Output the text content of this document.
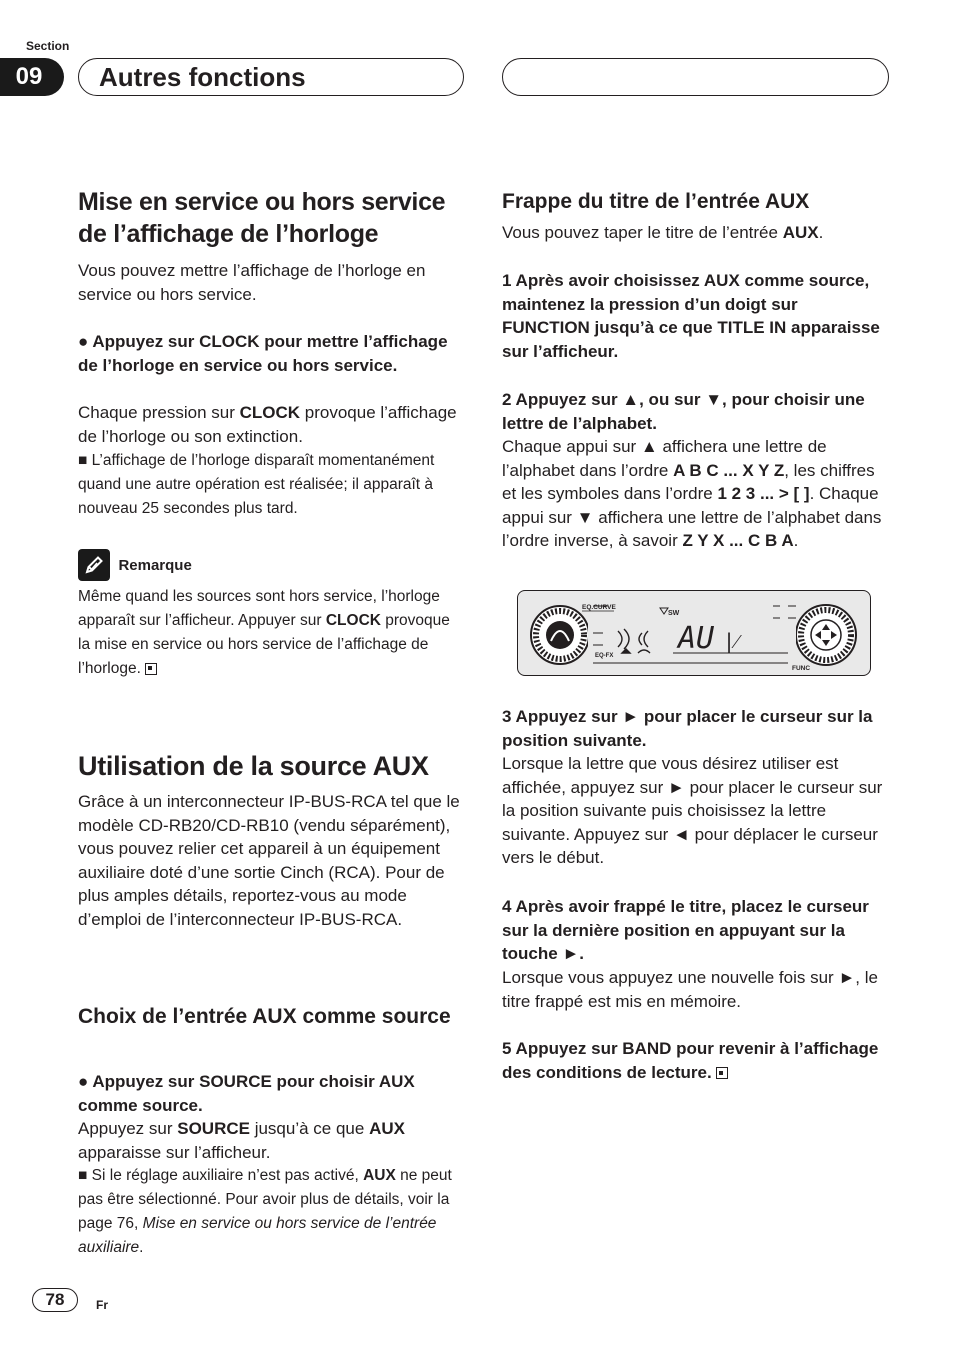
Section
09	Autres fonctions
Mise en service ou hors service
de l’affichage de l’horloge

Vous pouvez mettre l’affichage de l’horloge en service ou hors service.

● Appuyez sur CLOCK pour mettre l’affichage de l’horloge en service ou hors service.

Chaque pression sur CLOCK provoque l’affichage de l’horloge ou son extinction.

■ L’affichage de l’horloge disparaît momentanément quand une autre opération est réalisée; il apparaît à nouveau 25 secondes plus tard.

Remarque

Même quand les sources sont hors service, l’horloge apparaît sur l’afficheur. Appuyer sur CLOCK provoque la mise en service ou hors service de l’affichage de l’horloge.

Utilisation de la source AUX

Grâce à un interconnecteur IP-BUS-RCA tel que le modèle CD-RB20/CD-RB10 (vendu séparément), vous pouvez relier cet appareil à un équipement auxiliaire doté d’une sortie Cinch (RCA). Pour de plus amples détails, reportez-vous au mode d’emploi de l’interconnecteur IP-BUS-RCA.

Choix de l’entrée AUX comme source

● Appuyez sur SOURCE pour choisir AUX comme source.

Appuyez sur SOURCE jusqu’à ce que AUX apparaisse sur l’afficheur.

■ Si le réglage auxiliaire n’est pas activé, AUX ne peut pas être sélectionné. Pour avoir plus de détails, voir la page 76, Mise en service ou hors service de l’entrée auxiliaire.

Frappe du titre de l’entrée AUX

Vous pouvez taper le titre de l’entrée AUX.

1 Après avoir choisissez AUX comme source, maintenez la pression d’un doigt sur FUNCTION jusqu’à ce que TITLE IN apparaisse sur l’afficheur.

2 Appuyez sur ▲, ou sur ▼, pour choisir une lettre de l’alphabet.

Chaque appui sur ▲ affichera une lettre de l’alphabet dans l’ordre A B C ... X Y Z, les chiffres et les symboles dans l’ordre 1 2 3 ... > [ ]. Chaque appui sur ▼ affichera une lettre de l’alphabet dans l’ordre inverse, à savoir Z Y X ... C B A.

3 Appuyez sur ► pour placer le curseur sur la position suivante.

Lorsque la lettre que vous désirez utiliser est affichée, appuyez sur ► pour placer le curseur sur la position suivante puis choisissez la lettre suivante. Appuyez sur ◄ pour déplacer le curseur vers le début.

4 Après avoir frappé le titre, placez le curseur sur la dernière position en appuyant sur la touche ►.

Lorsque vous appuyez une nouvelle fois sur ►, le titre frappé est mis en mémoire.

5 Appuyez sur BAND pour revenir à l’affichage des conditions de lecture.

AU |⁄
EQ.CURVE
SW
EQ-FX
FUNC
78	Fr
